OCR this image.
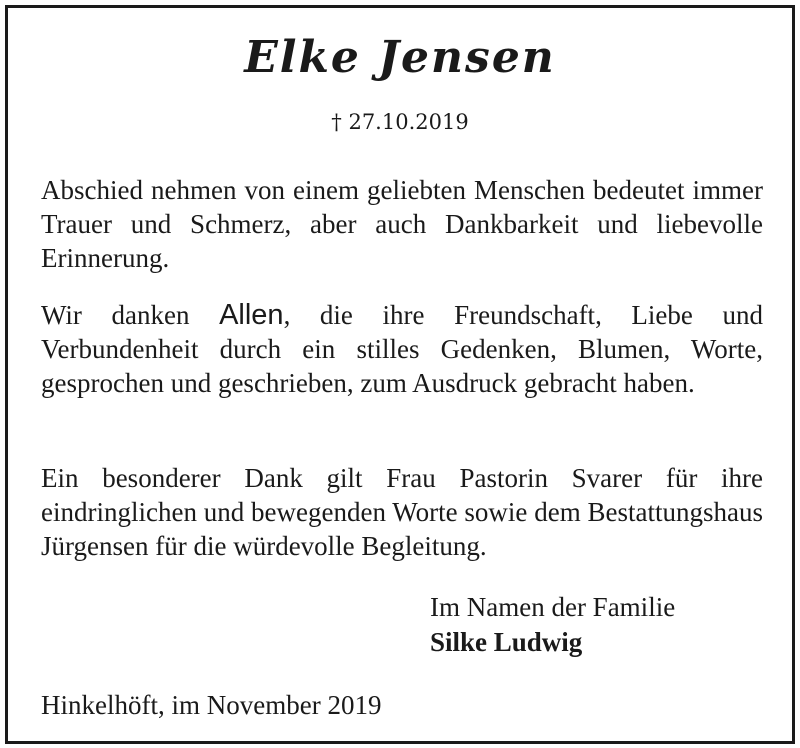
Elke Jensen
† 27.10.2019
Abschied nehmen von einem geliebten Menschen bedeutet immer Trauer und Schmerz, aber auch Dankbarkeit und liebevolle Erinnerung.
Wir danken Allen, die ihre Freundschaft, Liebe und Verbundenheit durch ein stilles Gedenken, Blumen, Worte, gesprochen und geschrieben, zum Ausdruck gebracht haben.
Ein besonderer Dank gilt Frau Pastorin Svarer für ihre eindringlichen und bewegenden Worte sowie dem Bestattungshaus Jürgensen für die würdevolle Begleitung.
Im Namen der Familie
Silke Ludwig
Hinkelhöft, im November 2019
